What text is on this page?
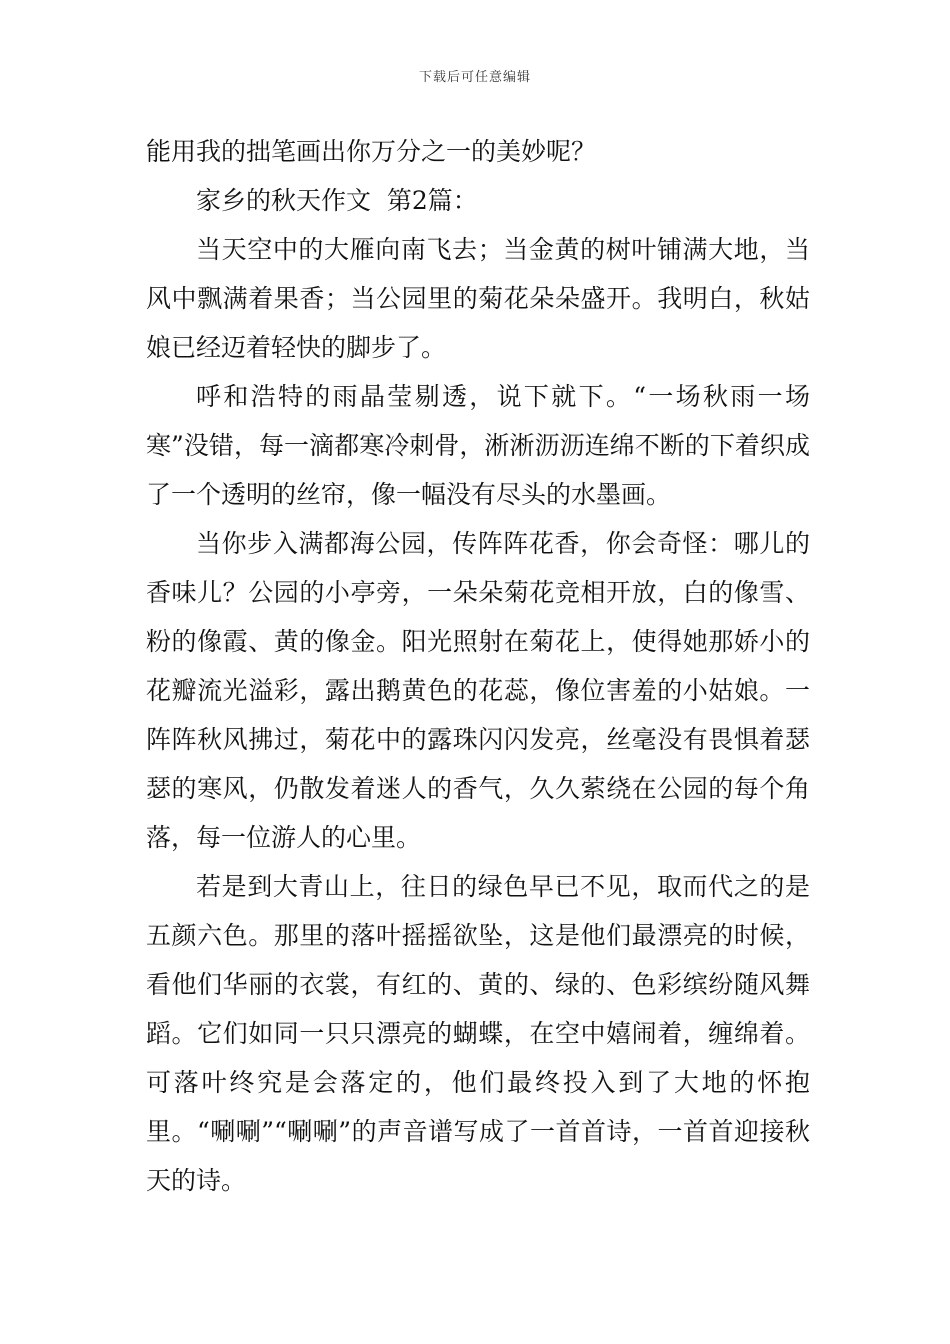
下载后可任意编辑

能用我的拙笔画出你万分之一的美妙呢？

家乡的秋天作文  第2篇：

当天空中的大雁向南飞去；当金黄的树叶铺满大地，当风中飘满着果香；当公园里的菊花朵朵盛开。我明白，秋姑娘已经迈着轻快的脚步了。

呼和浩特的雨晶莹剔透，说下就下。“一场秋雨一场寒”没错，每一滴都寒冷刺骨，淅淅沥沥连绵不断的下着织成了一个透明的丝帘，像一幅没有尽头的水墨画。

当你步入满都海公园，传阵阵花香，你会奇怪：哪儿的香味儿？公园的小亭旁，一朵朵菊花竞相开放，白的像雪、粉的像霞、黄的像金。阳光照射在菊花上，使得她那娇小的花瓣流光溢彩，露出鹅黄色的花蕊，像位害羞的小姑娘。一阵阵秋风拂过，菊花中的露珠闪闪发亮，丝毫没有畏惧着瑟瑟的寒风，仍散发着迷人的香气，久久萦绕在公园的每个角落，每一位游人的心里。

若是到大青山上，往日的绿色早已不见，取而代之的是五颜六色。那里的落叶摇摇欲坠，这是他们最漂亮的时候，看他们华丽的衣裳，有红的、黄的、绿的、色彩缤纷随风舞蹈。它们如同一只只漂亮的蝴蝶，在空中嬉闹着，缠绵着。可落叶终究是会落定的，他们最终投入到了大地的怀抱里。“唰唰”“唰唰”的声音谱写成了一首首诗，一首首迎接秋天的诗。
